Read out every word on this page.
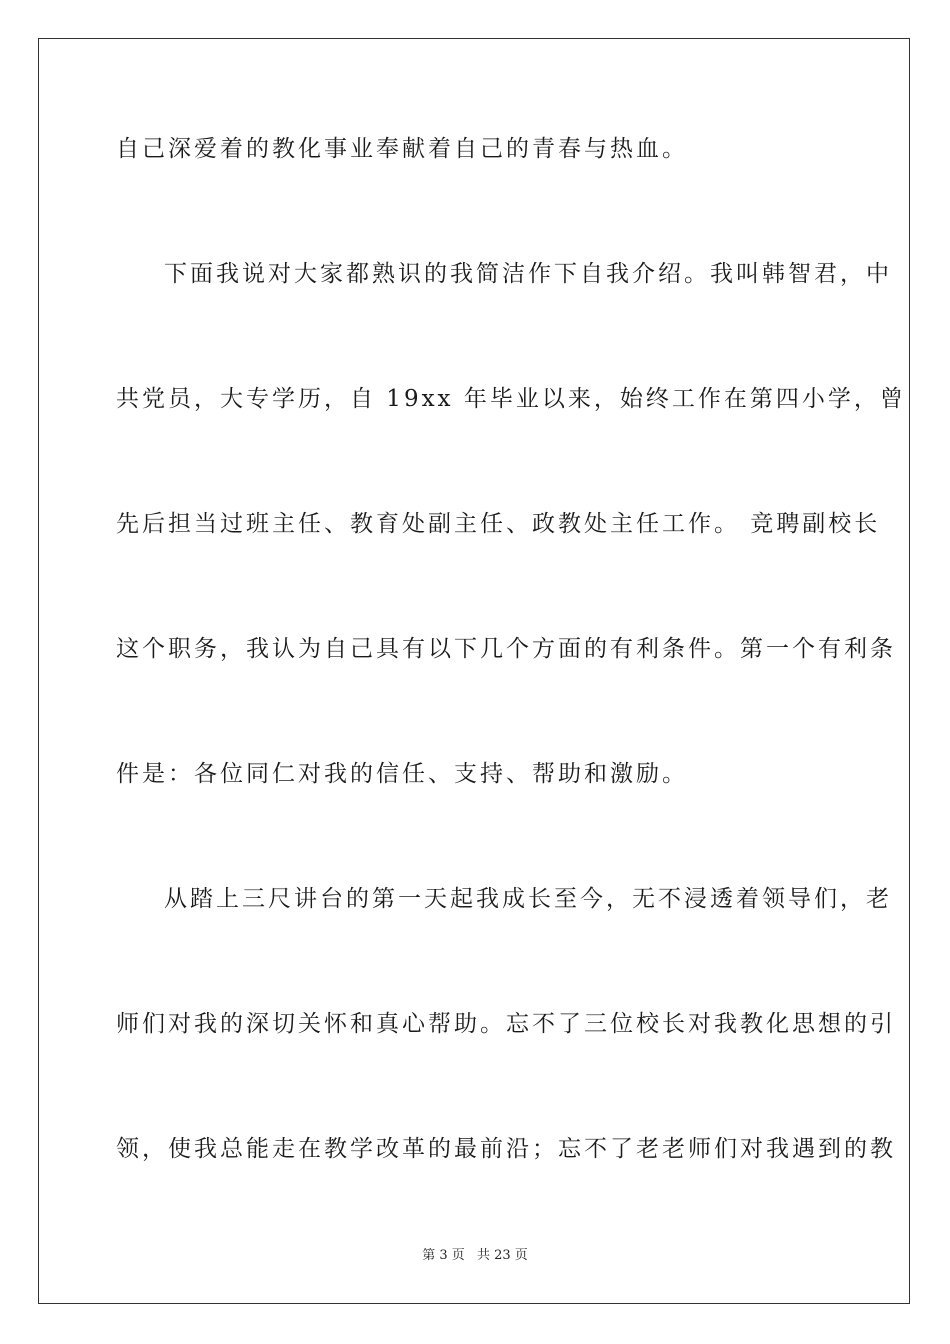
自己深爱着的教化事业奉献着自己的青春与热血。
下面我说对大家都熟识的我简洁作下自我介绍。我叫韩智君，中
共党员，大专学历，自 19xx 年毕业以来，始终工作在第四小学，曾
先后担当过班主任、教育处副主任、政教处主任工作。 竞聘副校长
这个职务，我认为自己具有以下几个方面的有利条件。第一个有利条
件是：各位同仁对我的信任、支持、帮助和激励。
从踏上三尺讲台的第一天起我成长至今，无不浸透着领导们，老
师们对我的深切关怀和真心帮助。忘不了三位校长对我教化思想的引
领，使我总能走在教学改革的最前沿；忘不了老老师们对我遇到的教
第 3 页 共 23 页
